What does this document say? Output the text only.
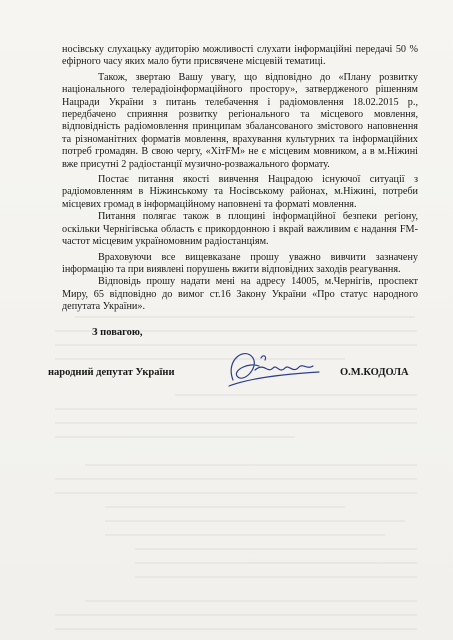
носівську слухацьку аудиторію можливості слухати інформаційні передачі 50 % ефірного часу яких мало бути присвячене місцевій тематиці.

Також, звертаю Вашу увагу, що відповідно до «Плану розвитку національного телерадіоінформаційного простору», затвердженого рішенням Нацради України з питань телебачення і радіомовлення 18.02.2015 р., передбачено сприяння розвитку регіонального та місцевого мовлення, відповідність радіомовлення принципам збалансованого змістового наповнення та різноманітних форматів мовлення, врахування культурних та інформаційних потреб громадян. В свою чергу, «ХітFM» не є місцевим мовником, а в м.Ніжині вже присутні 2 радіостанції музично-розважального формату.

Постає питання якості вивчення Нацрадою існуючої ситуації з радіомовленням в Ніжинському та Носівському районах, м.Ніжині, потреби місцевих громад в інформаційному наповнені та форматі мовлення.

Питання полягає також в площині інформаційної безпеки регіону, оскільки Чернігівська область є прикордонною і вкрай важливим є надання FM-частот місцевим україномовним радіостанціям.

Враховуючи все вищевказане прошу уважно вивчити зазначену інформацію та при виявлені порушень вжити відповідних заходів реагування.

Відповідь прошу надати мені на адресу 14005, м.Чернігів, проспект Миру, 65 відповідно до вимог ст.16 Закону України «Про статус народного депутата України».

З повагою,
народний депутат України	О.М.КОДОЛА
